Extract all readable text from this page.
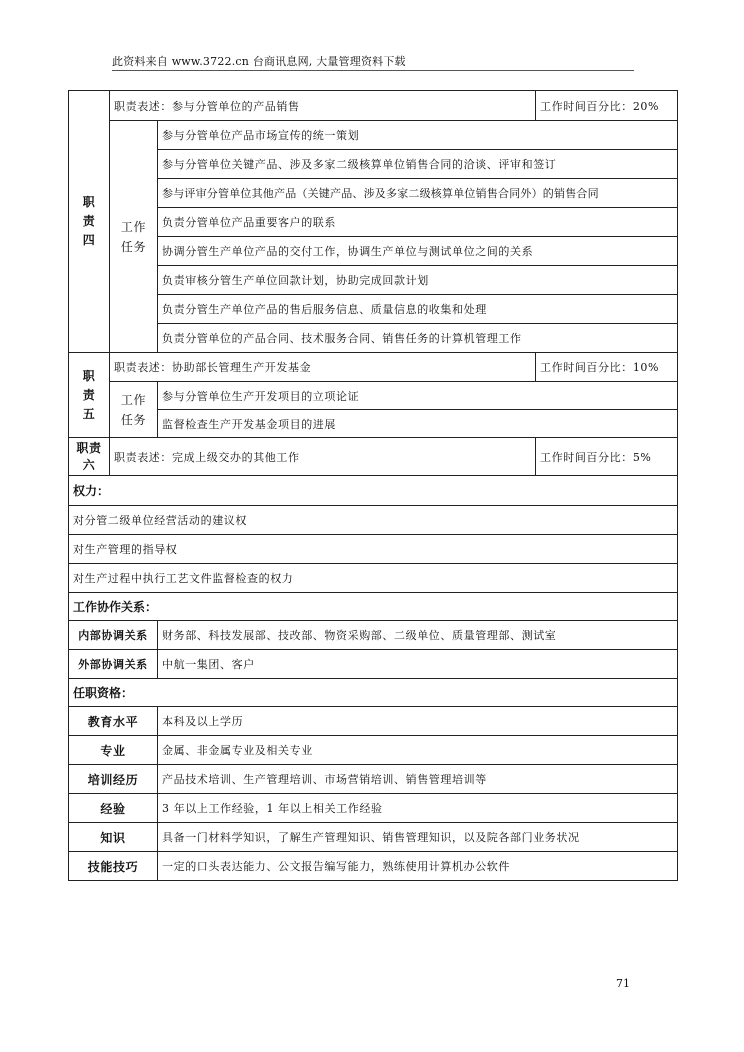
此资料来自 www.3722.cn 台商讯息网, 大量管理资料下载
职责四	职责表述：参与分管单位的产品销售		工作时间百分比：20%
	工作任务	参与分管单位产品市场宣传的统一策划	
		参与分管单位关键产品、涉及多家二级核算单位销售合同的洽谈、评审和签订	
		参与评审分管单位其他产品（关键产品、涉及多家二级核算单位销售合同外）的销售合同	
		负责分管单位产品重要客户的联系	
		协调分管生产单位产品的交付工作，协调生产单位与测试单位之间的关系	
		负责审核分管生产单位回款计划，协助完成回款计划	
		负责分管生产单位产品的售后服务信息、质量信息的收集和处理	
		负责分管单位的产品合同、技术服务合同、销售任务的计算机管理工作	
职责五	职责表述：协助部长管理生产开发基金		工作时间百分比：10%
	工作任务	参与分管单位生产开发项目的立项论证	
		监督检查生产开发基金项目的进展	
职责六	职责表述：完成上级交办的其他工作		工作时间百分比：5%
权力：			
对分管二级单位经营活动的建议权			
对生产管理的指导权			
对生产过程中执行工艺文件监督检查的权力			
工作协作关系：			
内部协调关系		财务部、科技发展部、技改部、物资采购部、二级单位、质量管理部、测试室	
外部协调关系		中航一集团、客户	
任职资格：			
教育水平		本科及以上学历	
专业		金属、非金属专业及相关专业	
培训经历		产品技术培训、生产管理培训、市场营销培训、销售管理培训等	
经验		3 年以上工作经验，1 年以上相关工作经验	
知识		具备一门材料学知识，了解生产管理知识、销售管理知识，以及院各部门业务状况	
技能技巧		一定的口头表达能力、公文报告编写能力，熟练使用计算机办公软件	
71
